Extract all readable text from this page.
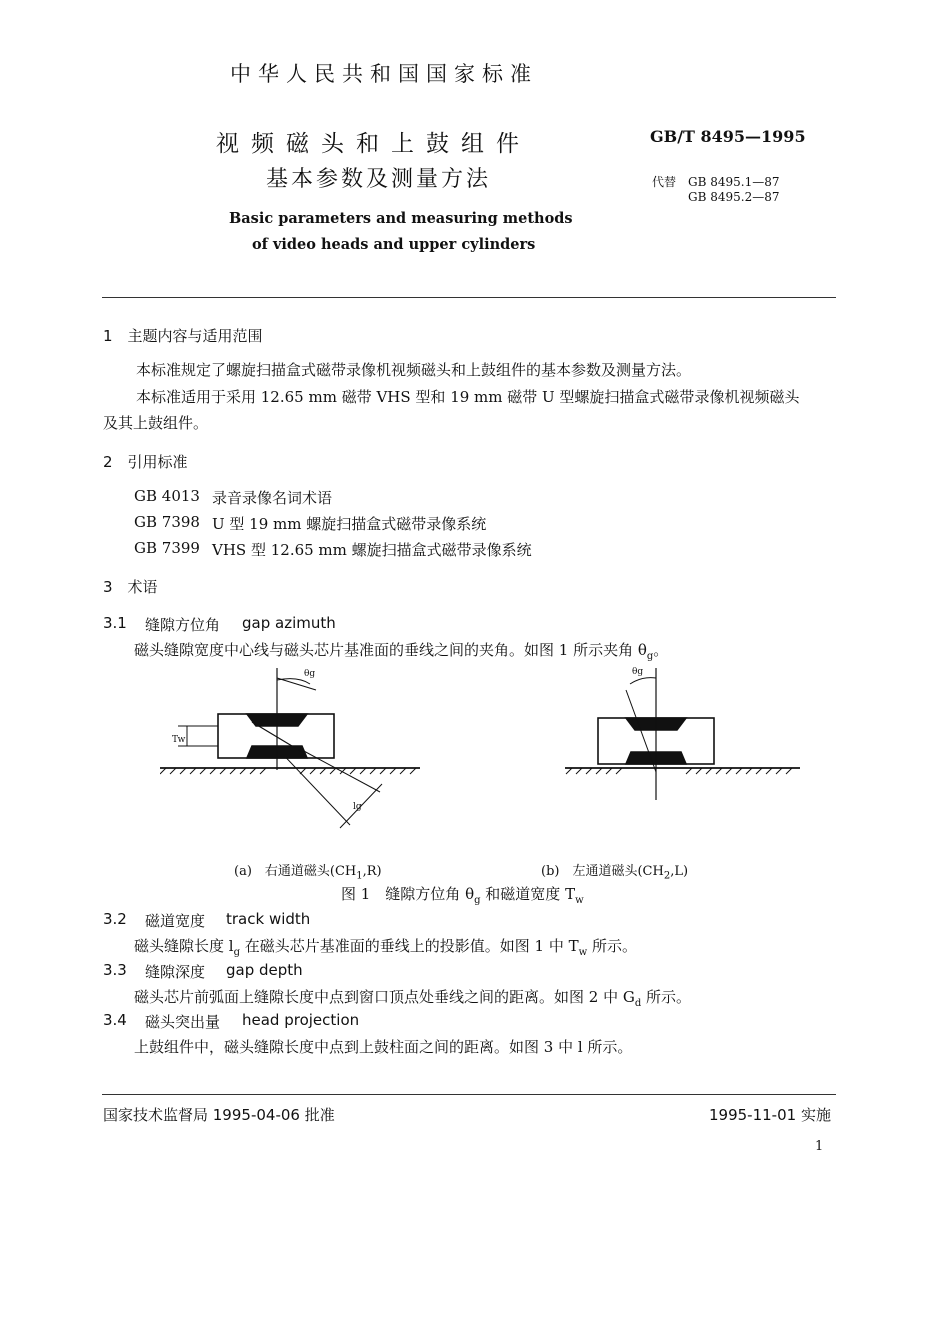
中华人民共和国国家标准
视频磁头和上鼓组件
基本参数及测量方法
GB/T 8495—1995
代替 GB 8495.1—87
GB 8495.2—87
Basic parameters and measuring methods
of video heads and upper cylinders
1　主题内容与适用范围
本标准规定了螺旋扫描盒式磁带录像机视频磁头和上鼓组件的基本参数及测量方法。
本标准适用于采用 12.65 mm 磁带 VHS 型和 19 mm 磁带 U 型螺旋扫描盒式磁带录像机视频磁头
及其上鼓组件。
2　引用标准
GB 4013 录音录像名词术语
GB 7398 U 型 19 mm 螺旋扫描盒式磁带录像系统
GB 7399 VHS 型 12.65 mm 螺旋扫描盒式磁带录像系统
3　术语
3.1 缝隙方位角 gap azimuth
磁头缝隙宽度中心线与磁头芯片基准面的垂线之间的夹角。如图 1 所示夹角 $\theta_g$。
θg
Tw
lg
θg
(a)　右通道磁头$(CH_1,R)$	(b)　左通道磁头$(CH_2,L)$
图 1　缝隙方位角 $\theta_g$ 和磁道宽度 $T_w$
3.2 磁道宽度 track width
磁头缝隙长度 $l_g$ 在磁头芯片基准面的垂线上的投影值。如图 1 中 $T_w$ 所示。
3.3 缝隙深度 gap depth
磁头芯片前弧面上缝隙长度中点到窗口顶点处垂线之间的距离。如图 2 中 $G_d$ 所示。
3.4 磁头突出量 head projection
上鼓组件中，磁头缝隙长度中点到上鼓柱面之间的距离。如图 3 中 l 所示。
国家技术监督局 1995-04-06 批准	1995-11-01 实施
1
